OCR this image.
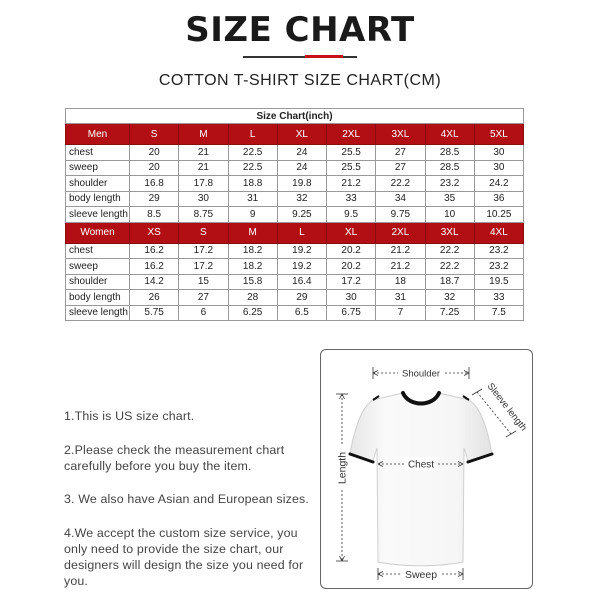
SIZE CHART
COTTON T-SHIRT SIZE CHART(CM)
Size Chart(inch)								
Men	S	M	L	XL	2XL	3XL	4XL	5XL
chest	20	21	22.5	24	25.5	27	28.5	30
sweep	20	21	22.5	24	25.5	27	28.5	30
shoulder	16.8	17.8	18.8	19.8	21.2	22.2	23.2	24.2
body length	29	30	31	32	33	34	35	36
sleeve length	8.5	8.75	9	9.25	9.5	9.75	10	10.25
Women	XS	S	M	L	XL	2XL	3XL	4XL
chest	16.2	17.2	18.2	19.2	20.2	21.2	22.2	23.2
sweep	16.2	17.2	18.2	19.2	20.2	21.2	22.2	23.2
shoulder	14.2	15	15.8	16.4	17.2	18	18.7	19.5
body length	26	27	28	29	30	31	32	33
sleeve length	5.75	6	6.25	6.5	6.75	7	7.25	7.5
1.This is US size chart.
2.Please check the measurement chart
carefully before you buy the item.
3. We also have Asian and European sizes.
4.We accept the custom size service, you
only need to provide the size chart, our
designers will design the size you need for
you.
Shoulder
Sleeve length
Chest
Length
Sweep
